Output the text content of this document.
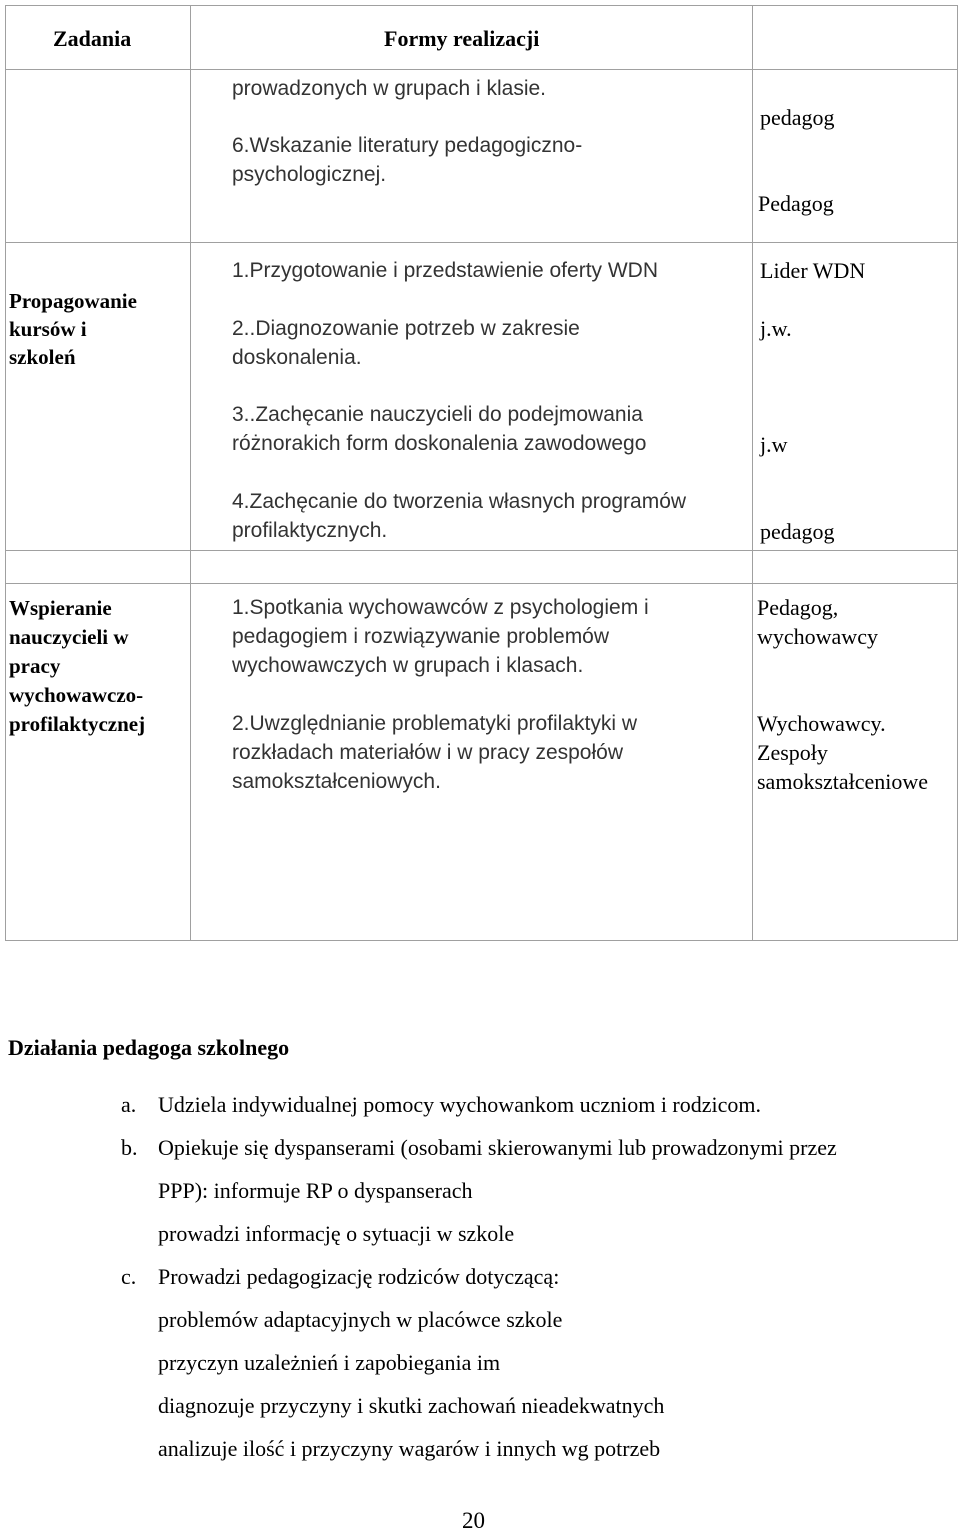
Zadania	Formy realizacji
prowadzonych w grupach i klasie.
6.Wskazanie literatury pedagogiczno-
psychologicznej.
pedagog
Pedagog
Propagowanie
kursów i
szkoleń
1.Przygotowanie i przedstawienie oferty WDN
2..Diagnozowanie potrzeb w zakresie
doskonalenia.
3..Zachęcanie nauczycieli do podejmowania
różnorakich form doskonalenia zawodowego
4.Zachęcanie do tworzenia własnych programów
profilaktycznych.
Lider WDN
j.w.
j.w
pedagog
Wspieranie
nauczycieli w
pracy
wychowawczo-
profilaktycznej
1.Spotkania wychowawców z psychologiem i
pedagogiem i rozwiązywanie problemów
wychowawczych w grupach i klasach.
2.Uwzględnianie problematyki profilaktyki w
rozkładach materiałów i w pracy zespołów
samokształceniowych.
Pedagog,
wychowawcy
Wychowawcy.
Zespoły
samokształceniowe
Działania pedagoga szkolnego
a. Udziela indywidualnej pomocy wychowankom uczniom i rodzicom.
b. Opiekuje się dyspanserami (osobami skierowanymi lub prowadzonymi przez
PPP): informuje RP o dyspanserach
prowadzi informację o sytuacji w szkole
c. Prowadzi pedagogizację rodziców dotyczącą:
problemów adaptacyjnych w placówce szkole
przyczyn uzależnień i zapobiegania im
diagnozuje przyczyny i skutki zachowań nieadekwatnych
analizuje ilość i przyczyny wagarów i innych wg potrzeb
20
